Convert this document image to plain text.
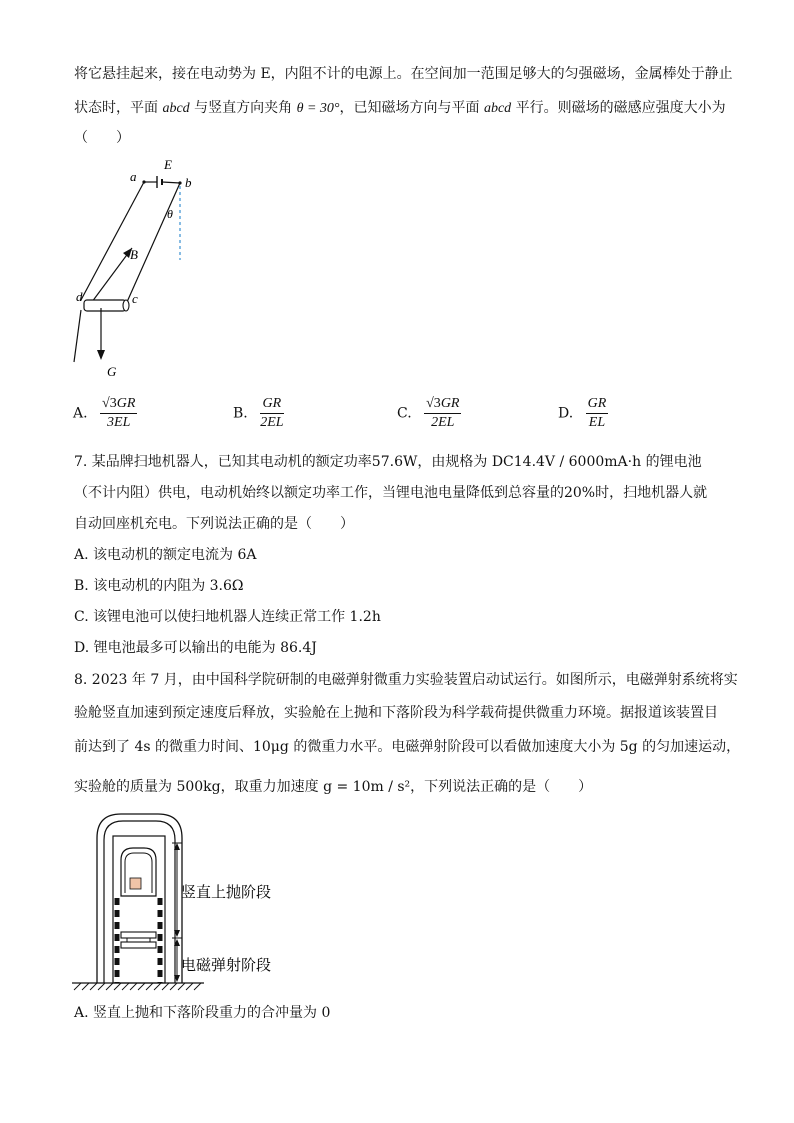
将它悬挂起来，接在电动势为 E，内阻不计的电源上。在空间加一范围足够大的匀强磁场，金属棒处于静止
状态时，平面 abcd 与竖直方向夹角 θ = 30°，已知磁场方向与平面 abcd 平行。则磁场的磁感应强度大小为
（　　）
E
a	b
θ
B
d	c
G
A. $\frac{√3GR}{3EL}$	B. $\frac{GR}{2EL}$	C. $\frac{√3GR}{2EL}$	D. $\frac{GR}{EL}$
7. 某品牌扫地机器人，已知其电动机的额定功率57.6W，由规格为 DC14.4V / 6000mA·h 的锂电池
（不计内阻）供电，电动机始终以额定功率工作，当锂电池电量降低到总容量的20%时，扫地机器人就
自动回座机充电。下列说法正确的是（　　）
A. 该电动机的额定电流为 6A
B. 该电动机的内阻为 3.6Ω
C. 该锂电池可以使扫地机器人连续正常工作 1.2h
D. 锂电池最多可以输出的电能为 86.4J
8. 2023 年 7 月，由中国科学院研制的电磁弹射微重力实验装置启动试运行。如图所示，电磁弹射系统将实
验舱竖直加速到预定速度后释放，实验舱在上抛和下落阶段为科学载荷提供微重力环境。据报道该装置目
前达到了 4s 的微重力时间、10μg 的微重力水平。电磁弹射阶段可以看做加速度大小为 5g 的匀加速运动，
实验舱的质量为 500kg，取重力加速度 g = 10m / s²，下列说法正确的是（　　）
竖直上抛阶段
电磁弹射阶段
A. 竖直上抛和下落阶段重力的合冲量为 0
